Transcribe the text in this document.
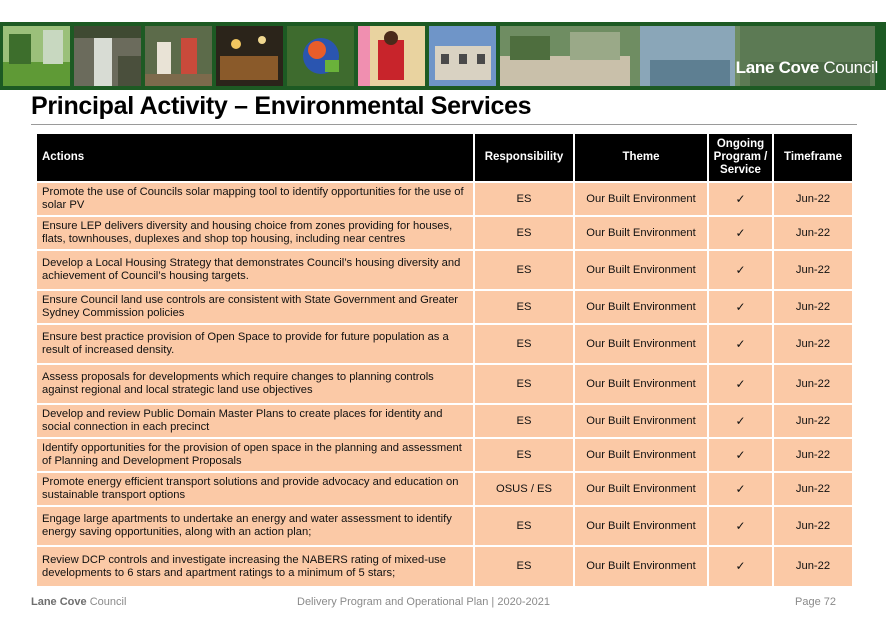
Lane Cove Council
Principal Activity – Environmental Services
Actions	Responsibility	Theme	Ongoing Program / Service	Timeframe
Promote the use of Councils solar mapping tool to identify opportunities for the use of solar PV	ES	Our Built Environment	✓	Jun-22
Ensure LEP delivers diversity and housing choice from zones providing for houses, flats, townhouses, duplexes and shop top housing, including near centres	ES	Our Built Environment	✓	Jun-22
Develop a Local Housing Strategy that demonstrates Council’s housing diversity and achievement of Council’s housing targets.	ES	Our Built Environment	✓	Jun-22
Ensure Council land use controls are consistent with State Government and Greater Sydney Commission policies	ES	Our Built Environment	✓	Jun-22
Ensure best practice provision of Open Space to provide for future population as a result of increased density.	ES	Our Built Environment	✓	Jun-22
Assess proposals for developments which require changes to planning controls against regional and local strategic land use objectives	ES	Our Built Environment	✓	Jun-22
Develop and review Public Domain Master Plans to create places for identity and social connection in each precinct	ES	Our Built Environment	✓	Jun-22
Identify opportunities for the provision of open space in the planning and assessment of Planning and Development Proposals	ES	Our Built Environment	✓	Jun-22
Promote energy efficient transport solutions and provide advocacy and education on sustainable transport options	OSUS / ES	Our Built Environment	✓	Jun-22
Engage large apartments to undertake an energy and water assessment to identify energy saving opportunities, along with an action plan;	ES	Our Built Environment	✓	Jun-22
Review DCP controls and investigate increasing the NABERS rating of mixed-use developments to 6 stars and apartment ratings to a minimum of 5 stars;	ES	Our Built Environment	✓	Jun-22
Lane Cove Council	Delivery Program and Operational Plan | 2020-2021	Page 72
